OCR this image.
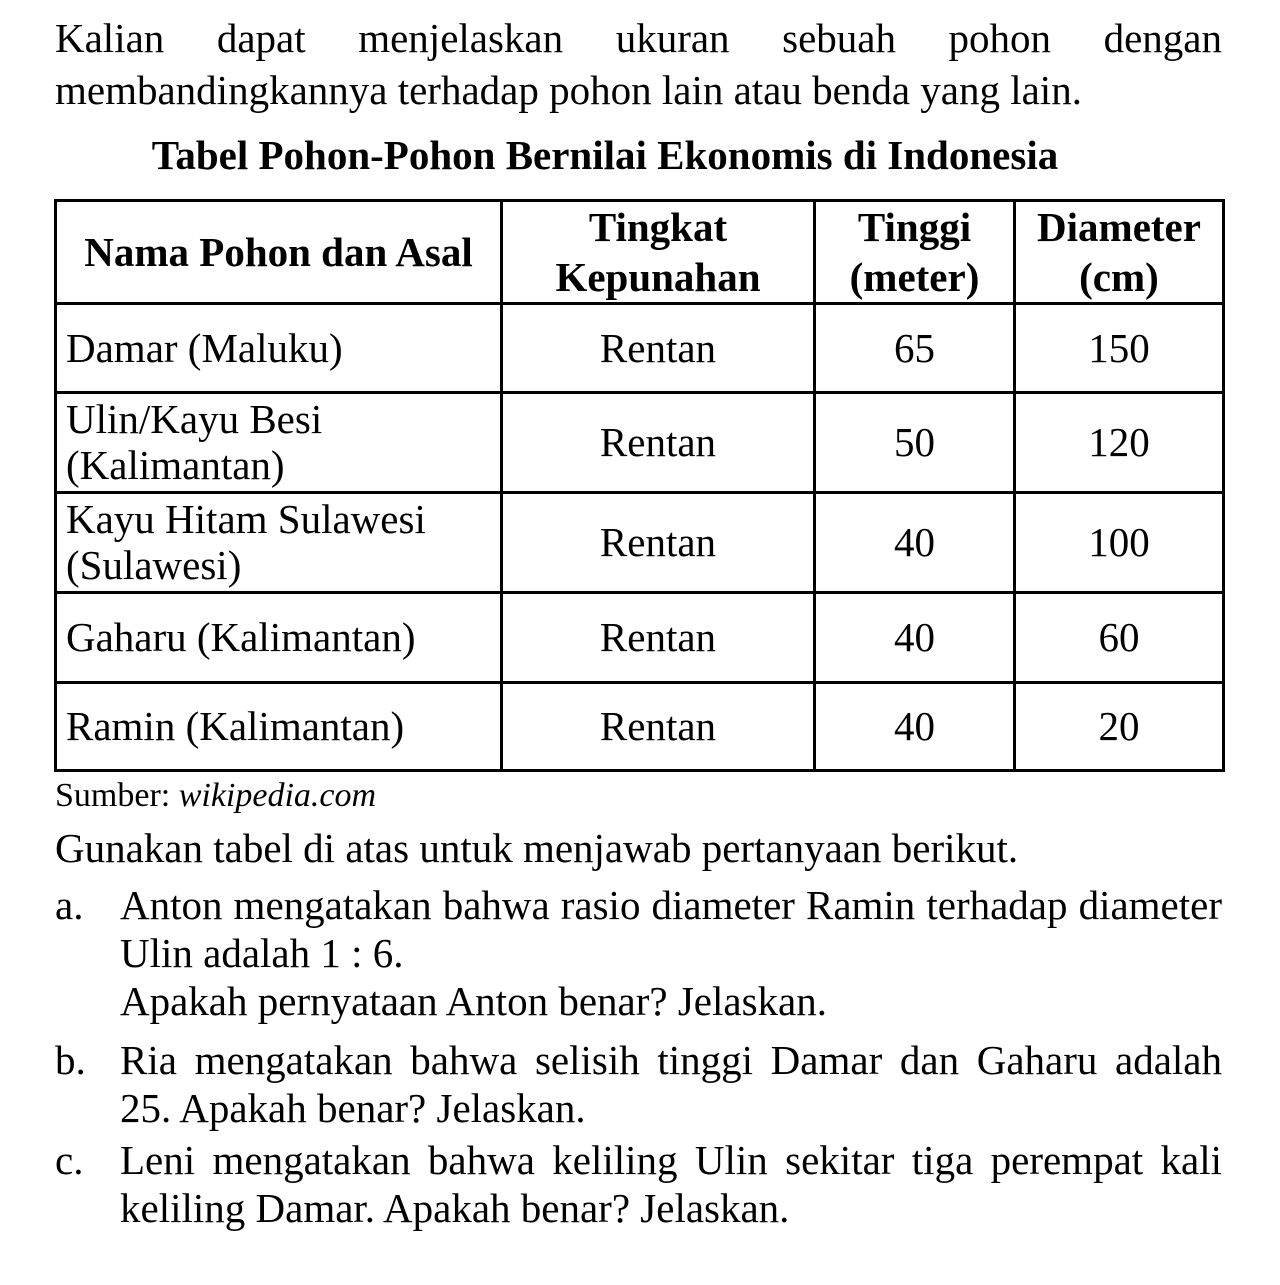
Kalian dapat menjelaskan ukuran sebuah pohon dengan
membandingkannya terhadap pohon lain atau benda yang lain.
Tabel Pohon-Pohon Bernilai Ekonomis di Indonesia
Nama Pohon dan Asal	Tingkat Kepunahan	Tinggi (meter)	Diameter (cm)
Damar (Maluku)	Rentan	65	150
Ulin/Kayu Besi (Kalimantan)	Rentan	50	120
Kayu Hitam Sulawesi (Sulawesi)	Rentan	40	100
Gaharu (Kalimantan)	Rentan	40	60
Ramin (Kalimantan)	Rentan	40	20
Sumber: wikipedia.com
Gunakan tabel di atas untuk menjawab pertanyaan berikut.
a. Anton mengatakan bahwa rasio diameter Ramin terhadap diameter
Ulin adalah 1 : 6.
Apakah pernyataan Anton benar? Jelaskan.
b. Ria mengatakan bahwa selisih tinggi Damar dan Gaharu adalah
25. Apakah benar? Jelaskan.
c. Leni mengatakan bahwa keliling Ulin sekitar tiga perempat kali
keliling Damar. Apakah benar? Jelaskan.
